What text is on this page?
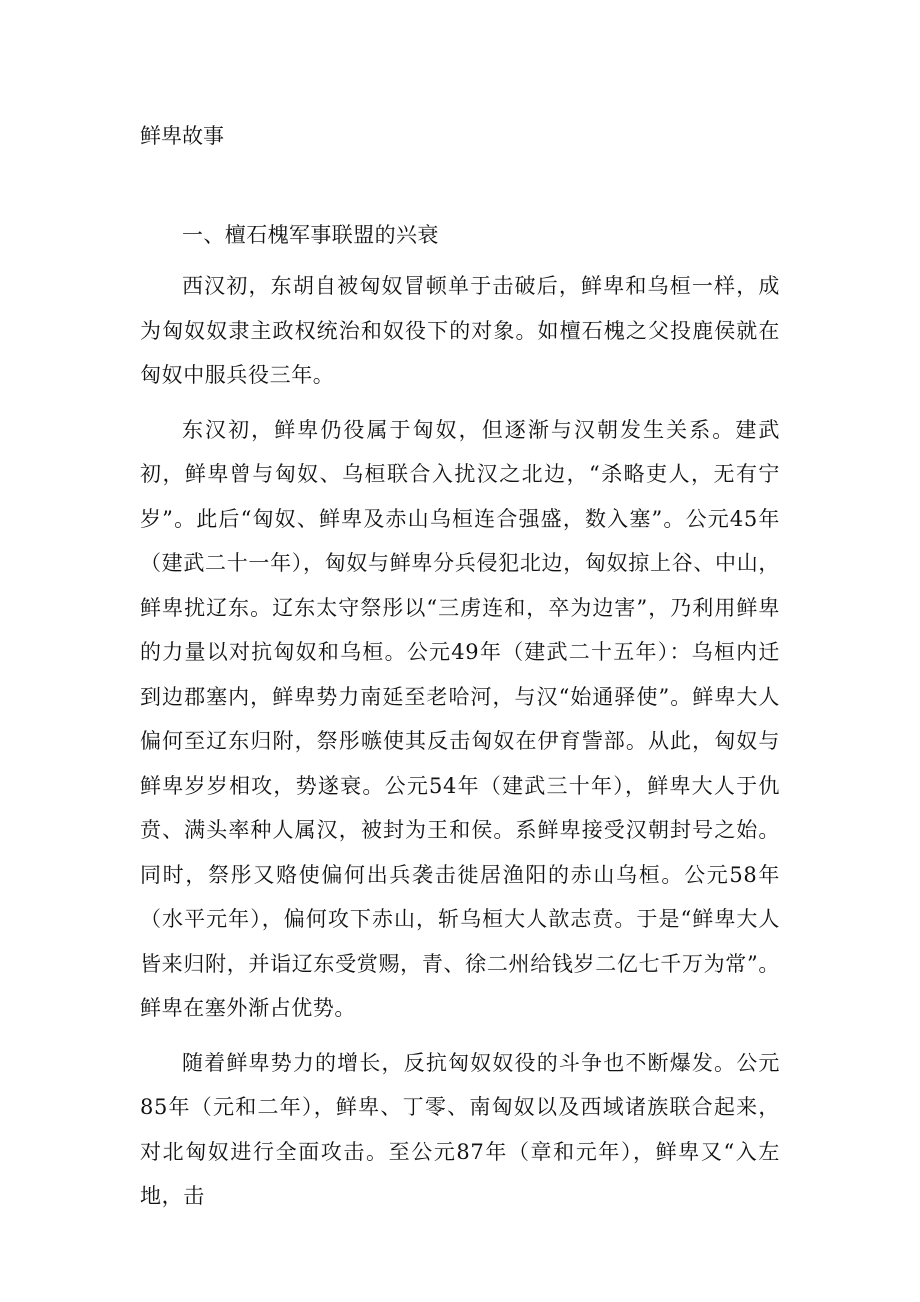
鲜卑故事
一、檀石槐军事联盟的兴衰

西汉初，东胡自被匈奴冒顿单于击破后，鲜卑和乌桓一样，成为匈奴奴隶主政权统治和奴役下的对象。如檀石槐之父投鹿侯就在匈奴中服兵役三年。

东汉初，鲜卑仍役属于匈奴，但逐渐与汉朝发生关系。建武初，鲜卑曾与匈奴、乌桓联合入扰汉之北边，“杀略吏人，无有宁岁”。此后“匈奴、鲜卑及赤山乌桓连合强盛，数入塞”。公元45年（建武二十一年），匈奴与鲜卑分兵侵犯北边，匈奴掠上谷、中山，鲜卑扰辽东。辽东太守祭彤以“三虏连和，卒为边害”，乃利用鲜卑的力量以对抗匈奴和乌桓。公元49年（建武二十五年）：乌桓内迁到边郡塞内，鲜卑势力南延至老哈河，与汉“始通驿使”。鲜卑大人偏何至辽东归附，祭彤嗾使其反击匈奴在伊育訾部。从此，匈奴与鲜卑岁岁相攻，势遂衰。公元54年（建武三十年），鲜卑大人于仇贲、满头率种人属汉，被封为王和侯。系鲜卑接受汉朝封号之始。同时，祭彤又赂使偏何出兵袭击徙居渔阳的赤山乌桓。公元58年（水平元年），偏何攻下赤山，斩乌桓大人歆志贲。于是“鲜卑大人皆来归附，并诣辽东受赏赐，青、徐二州给钱岁二亿七千万为常”。鲜卑在塞外渐占优势。

随着鲜卑势力的增长，反抗匈奴奴役的斗争也不断爆发。公元85年（元和二年），鲜卑、丁零、南匈奴以及西域诸族联合起来，对北匈奴进行全面攻击。至公元87年（章和元年），鲜卑又“入左地，击
